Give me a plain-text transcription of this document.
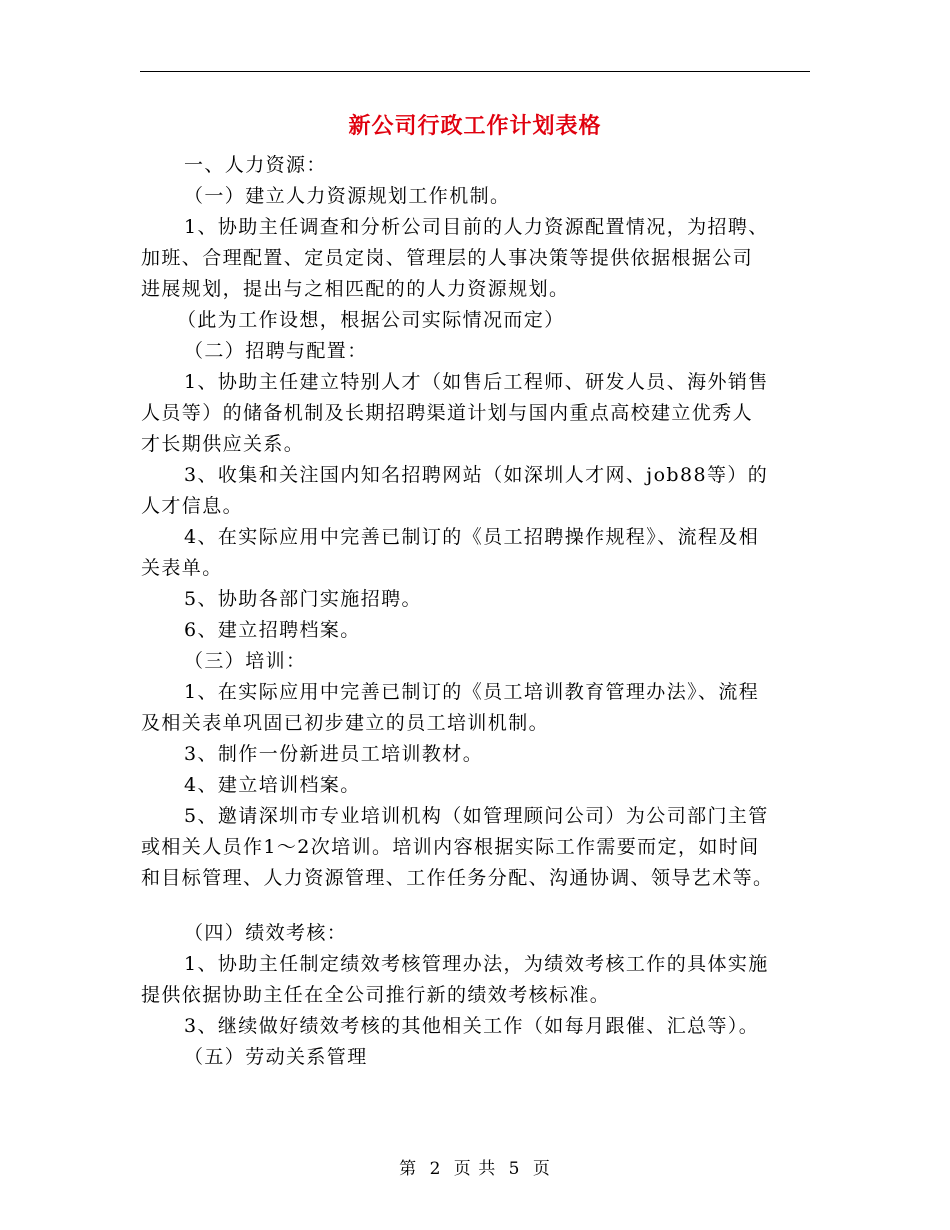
新公司行政工作计划表格
一、人力资源：
（一）建立人力资源规划工作机制。
1、协助主任调查和分析公司目前的人力资源配置情况，为招聘、
加班、合理配置、定员定岗、管理层的人事决策等提供依据根据公司
进展规划，提出与之相匹配的的人力资源规划。
（此为工作设想，根据公司实际情况而定）
（二）招聘与配置：
1、协助主任建立特别人才（如售后工程师、研发人员、海外销售
人员等）的储备机制及长期招聘渠道计划与国内重点高校建立优秀人
才长期供应关系。
3、收集和关注国内知名招聘网站（如深圳人才网、job88等）的
人才信息。
4、在实际应用中完善已制订的《员工招聘操作规程》、流程及相
关表单。
5、协助各部门实施招聘。
6、建立招聘档案。
（三）培训：
1、在实际应用中完善已制订的《员工培训教育管理办法》、流程
及相关表单巩固已初步建立的员工培训机制。
3、制作一份新进员工培训教材。
4、建立培训档案。
5、邀请深圳市专业培训机构（如管理顾问公司）为公司部门主管
或相关人员作1～2次培训。培训内容根据实际工作需要而定，如时间
和目标管理、人力资源管理、工作任务分配、沟通协调、领导艺术等。
（四）绩效考核：
1、协助主任制定绩效考核管理办法，为绩效考核工作的具体实施
提供依据协助主任在全公司推行新的绩效考核标准。
3、继续做好绩效考核的其他相关工作（如每月跟催、汇总等）。
（五）劳动关系管理
第 2 页 共 5 页
